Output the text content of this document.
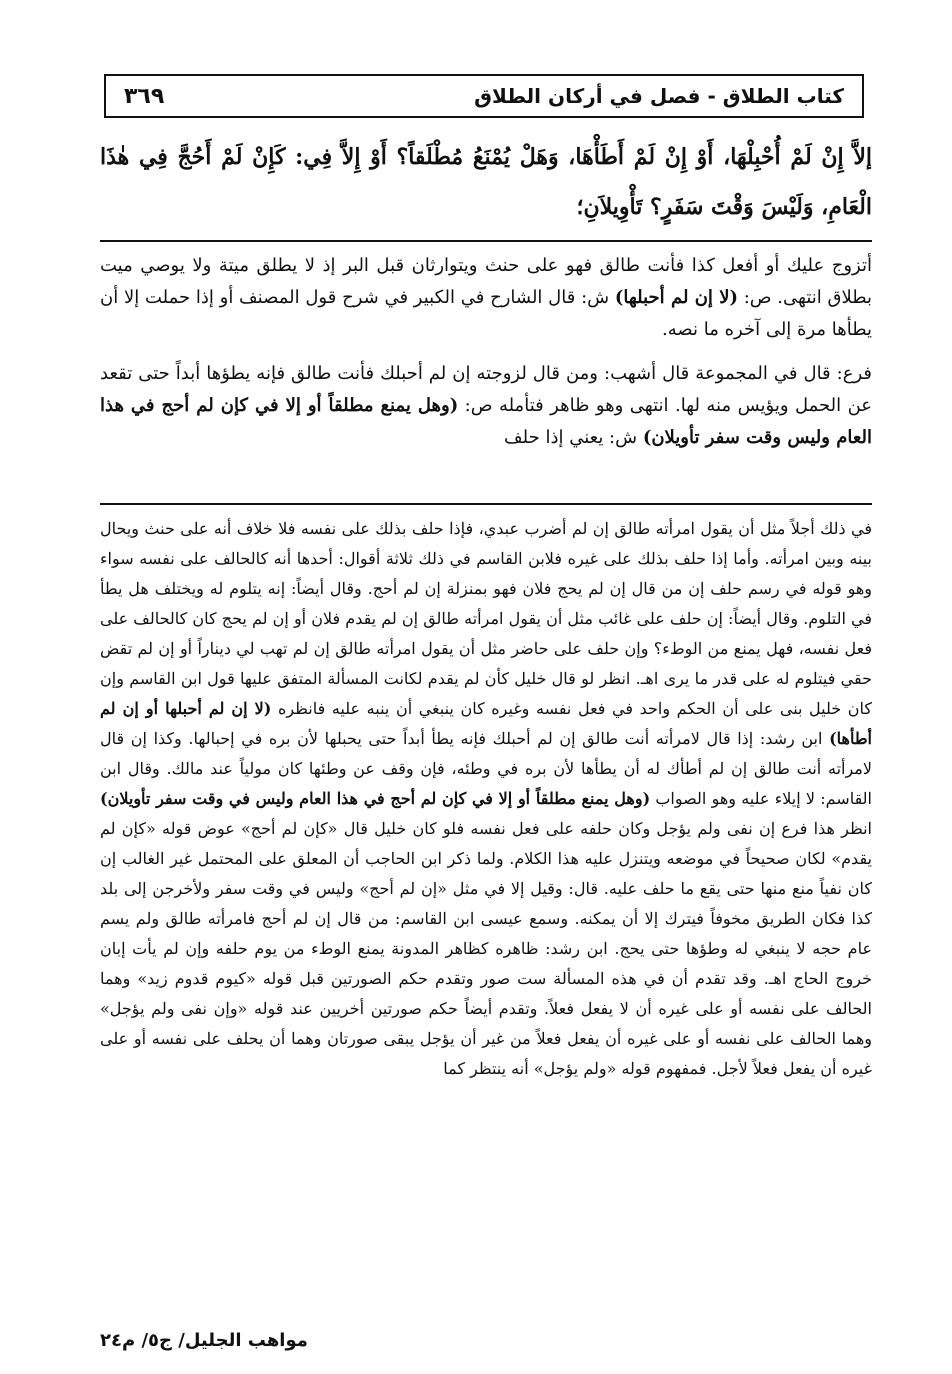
٣٦٩	كتاب الطلاق - فصل في أركان الطلاق
إلاَّ إِنْ لَمْ أُحْبِلْهَا، أَوْ إِنْ لَمْ أَطَأْهَا، وَهَلْ يُمْنَعُ مُطْلَقاً؟ أَوْ إِلاَّ فِي: كَإِنْ لَمْ أَحُجَّ فِي هٰذَا الْعَامِ، وَلَيْسَ وَقْتَ سَفَرٍ؟ تَأْوِيلاَنِ؛

أتزوج عليك أو أفعل كذا فأنت طالق فهو على حنث ويتوارثان قبل البر إذ لا يطلق ميتة ولا يوصي ميت بطلاق انتهى. ص: (لا إن لم أحبلها) ش: قال الشارح في الكبير في شرح قول المصنف أو إذا حملت إلا أن يطأها مرة إلى آخره ما نصه.

فرع: قال في المجموعة قال أشهب: ومن قال لزوجته إن لم أحبلك فأنت طالق فإنه يطؤها أبداً حتى تقعد عن الحمل ويؤيس منه لها. انتهى وهو ظاهر فتأمله ص: (وهل يمنع مطلقاً أو إلا في كإن لم أحج في هذا العام وليس وقت سفر تأويلان) ش: يعني إذا حلف

في ذلك أجلاً مثل أن يقول امرأته طالق إن لم أضرب عبدي، فإذا حلف بذلك على نفسه فلا خلاف أنه على حنث ويحال بينه وبين امرأته. وأما إذا حلف بذلك على غيره فلابن القاسم في ذلك ثلاثة أقوال: أحدها أنه كالحالف على نفسه سواء وهو قوله في رسم حلف إن من قال إن لم يحج فلان فهو بمنزلة إن لم أحج. وقال أيضاً: إنه يتلوم له ويختلف هل يطأ في التلوم. وقال أيضاً: إن حلف على غائب مثل أن يقول امرأته طالق إن لم يقدم فلان أو إن لم يحج كان كالحالف على فعل نفسه، فهل يمنع من الوطء؟ وإن حلف على حاضر مثل أن يقول امرأته طالق إن لم تهب لي ديناراً أو إن لم تقض حقي فيتلوم له على قدر ما يرى اهـ. انظر لو قال خليل كأن لم يقدم لكانت المسألة المتفق عليها قول ابن القاسم وإن كان خليل بنى على أن الحكم واحد في فعل نفسه وغيره كان ينبغي أن ينبه عليه فانظره (لا إن لم أحبلها أو إن لم أطأها) ابن رشد: إذا قال لامرأته أنت طالق إن لم أحبلك فإنه يطأ أبداً حتى يحبلها لأن بره في إحبالها. وكذا إن قال لامرأته أنت طالق إن لم أطأك له أن يطأها لأن بره في وطئه، فإن وقف عن وطئها كان مولياً عند مالك. وقال ابن القاسم: لا إيلاء عليه وهو الصواب (وهل يمنع مطلقاً أو إلا في كإن لم أحج في هذا العام وليس في وقت سفر تأويلان) انظر هذا فرع إن نفى ولم يؤجل وكان حلفه على فعل نفسه فلو كان خليل قال «كإن لم أحج» عوض قوله «كإن لم يقدم» لكان صحيحاً في موضعه ويتنزل عليه هذا الكلام. ولما ذكر ابن الحاجب أن المعلق على المحتمل غير الغالب إن كان نفياً منع منها حتى يقع ما حلف عليه. قال: وقيل إلا في مثل «إن لم أحج» وليس في وقت سفر ولأخرجن إلى بلد كذا فكان الطريق مخوفاً فيترك إلا أن يمكنه. وسمع عيسى ابن القاسم: من قال إن لم أحج فامرأته طالق ولم يسم عام حجه لا ينبغي له وطؤها حتى يحج. ابن رشد: ظاهره كظاهر المدونة يمنع الوطء من يوم حلفه وإن لم يأت إبان خروج الحاج اهـ. وقد تقدم أن في هذه المسألة ست صور وتقدم حكم الصورتين قبل قوله «كيوم قدوم زيد» وهما الحالف على نفسه أو على غيره أن لا يفعل فعلاً. وتقدم أيضاً حكم صورتين أخريين عند قوله «وإن نفى ولم يؤجل» وهما الحالف على نفسه أو على غيره أن يفعل فعلاً من غير أن يؤجل يبقى صورتان وهما أن يحلف على نفسه أو على غيره أن يفعل فعلاً لأجل. فمفهوم قوله «ولم يؤجل» أنه ينتظر كما

مواهب الجليل/ ج٥/ م٢٤
